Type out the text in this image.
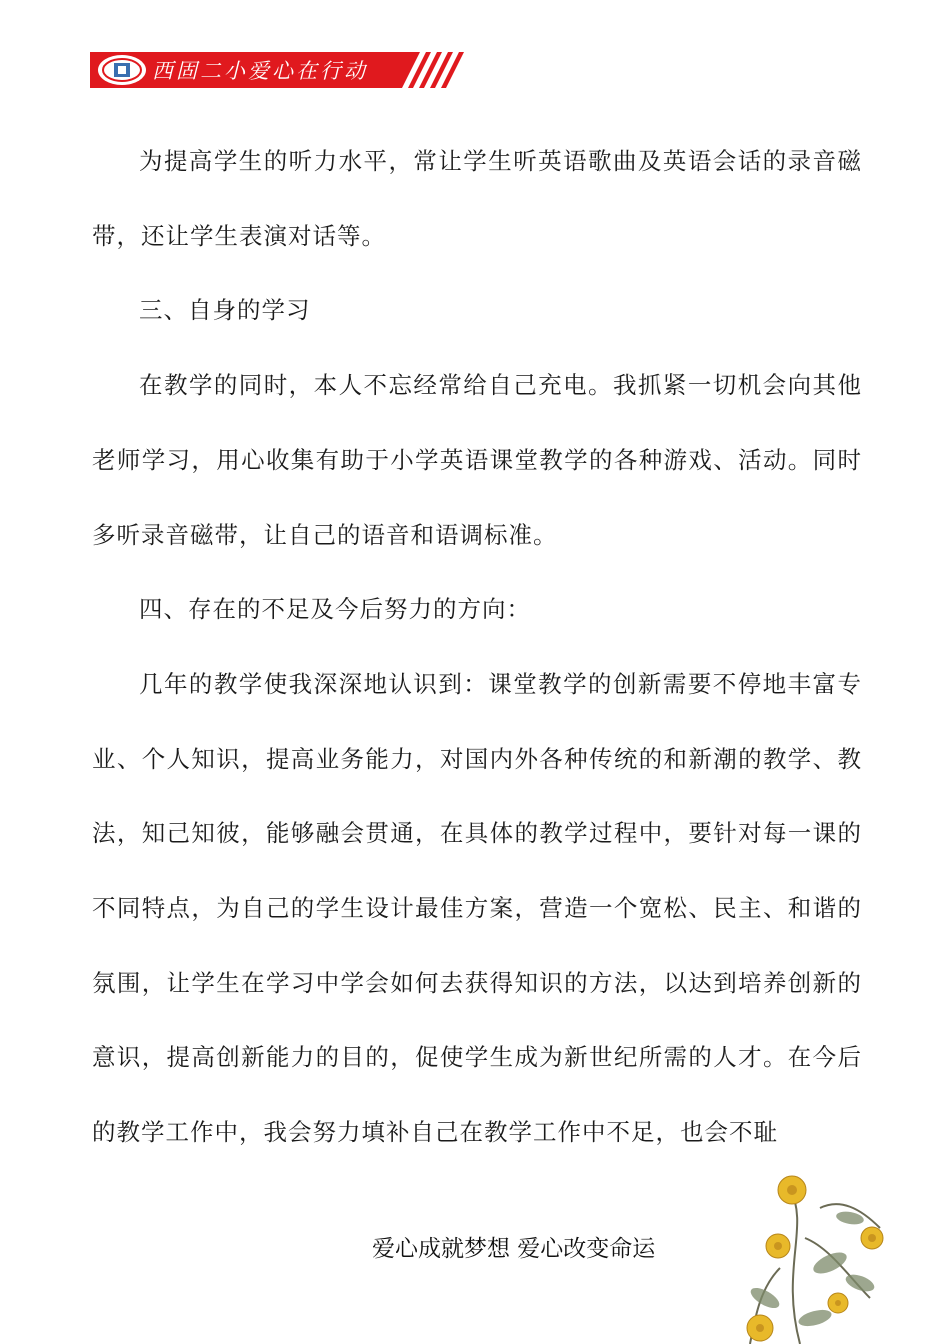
西固二小爱心在行动

为提高学生的听力水平，常让学生听英语歌曲及英语会话的录音磁带，还让学生表演对话等。

三、自身的学习

在教学的同时，本人不忘经常给自己充电。我抓紧一切机会向其他老师学习，用心收集有助于小学英语课堂教学的各种游戏、活动。同时多听录音磁带，让自己的语音和语调标准。

四、存在的不足及今后努力的方向：

几年的教学使我深深地认识到：课堂教学的创新需要不停地丰富专业、个人知识，提高业务能力，对国内外各种传统的和新潮的教学、教法，知己知彼，能够融会贯通，在具体的教学过程中，要针对每一课的不同特点，为自己的学生设计最佳方案，营造一个宽松、民主、和谐的氛围，让学生在学习中学会如何去获得知识的方法，以达到培养创新的意识，提高创新能力的目的，促使学生成为新世纪所需的人才。在今后的教学工作中，我会努力填补自己在教学工作中不足，也会不耻

爱心成就梦想 爱心改变命运
